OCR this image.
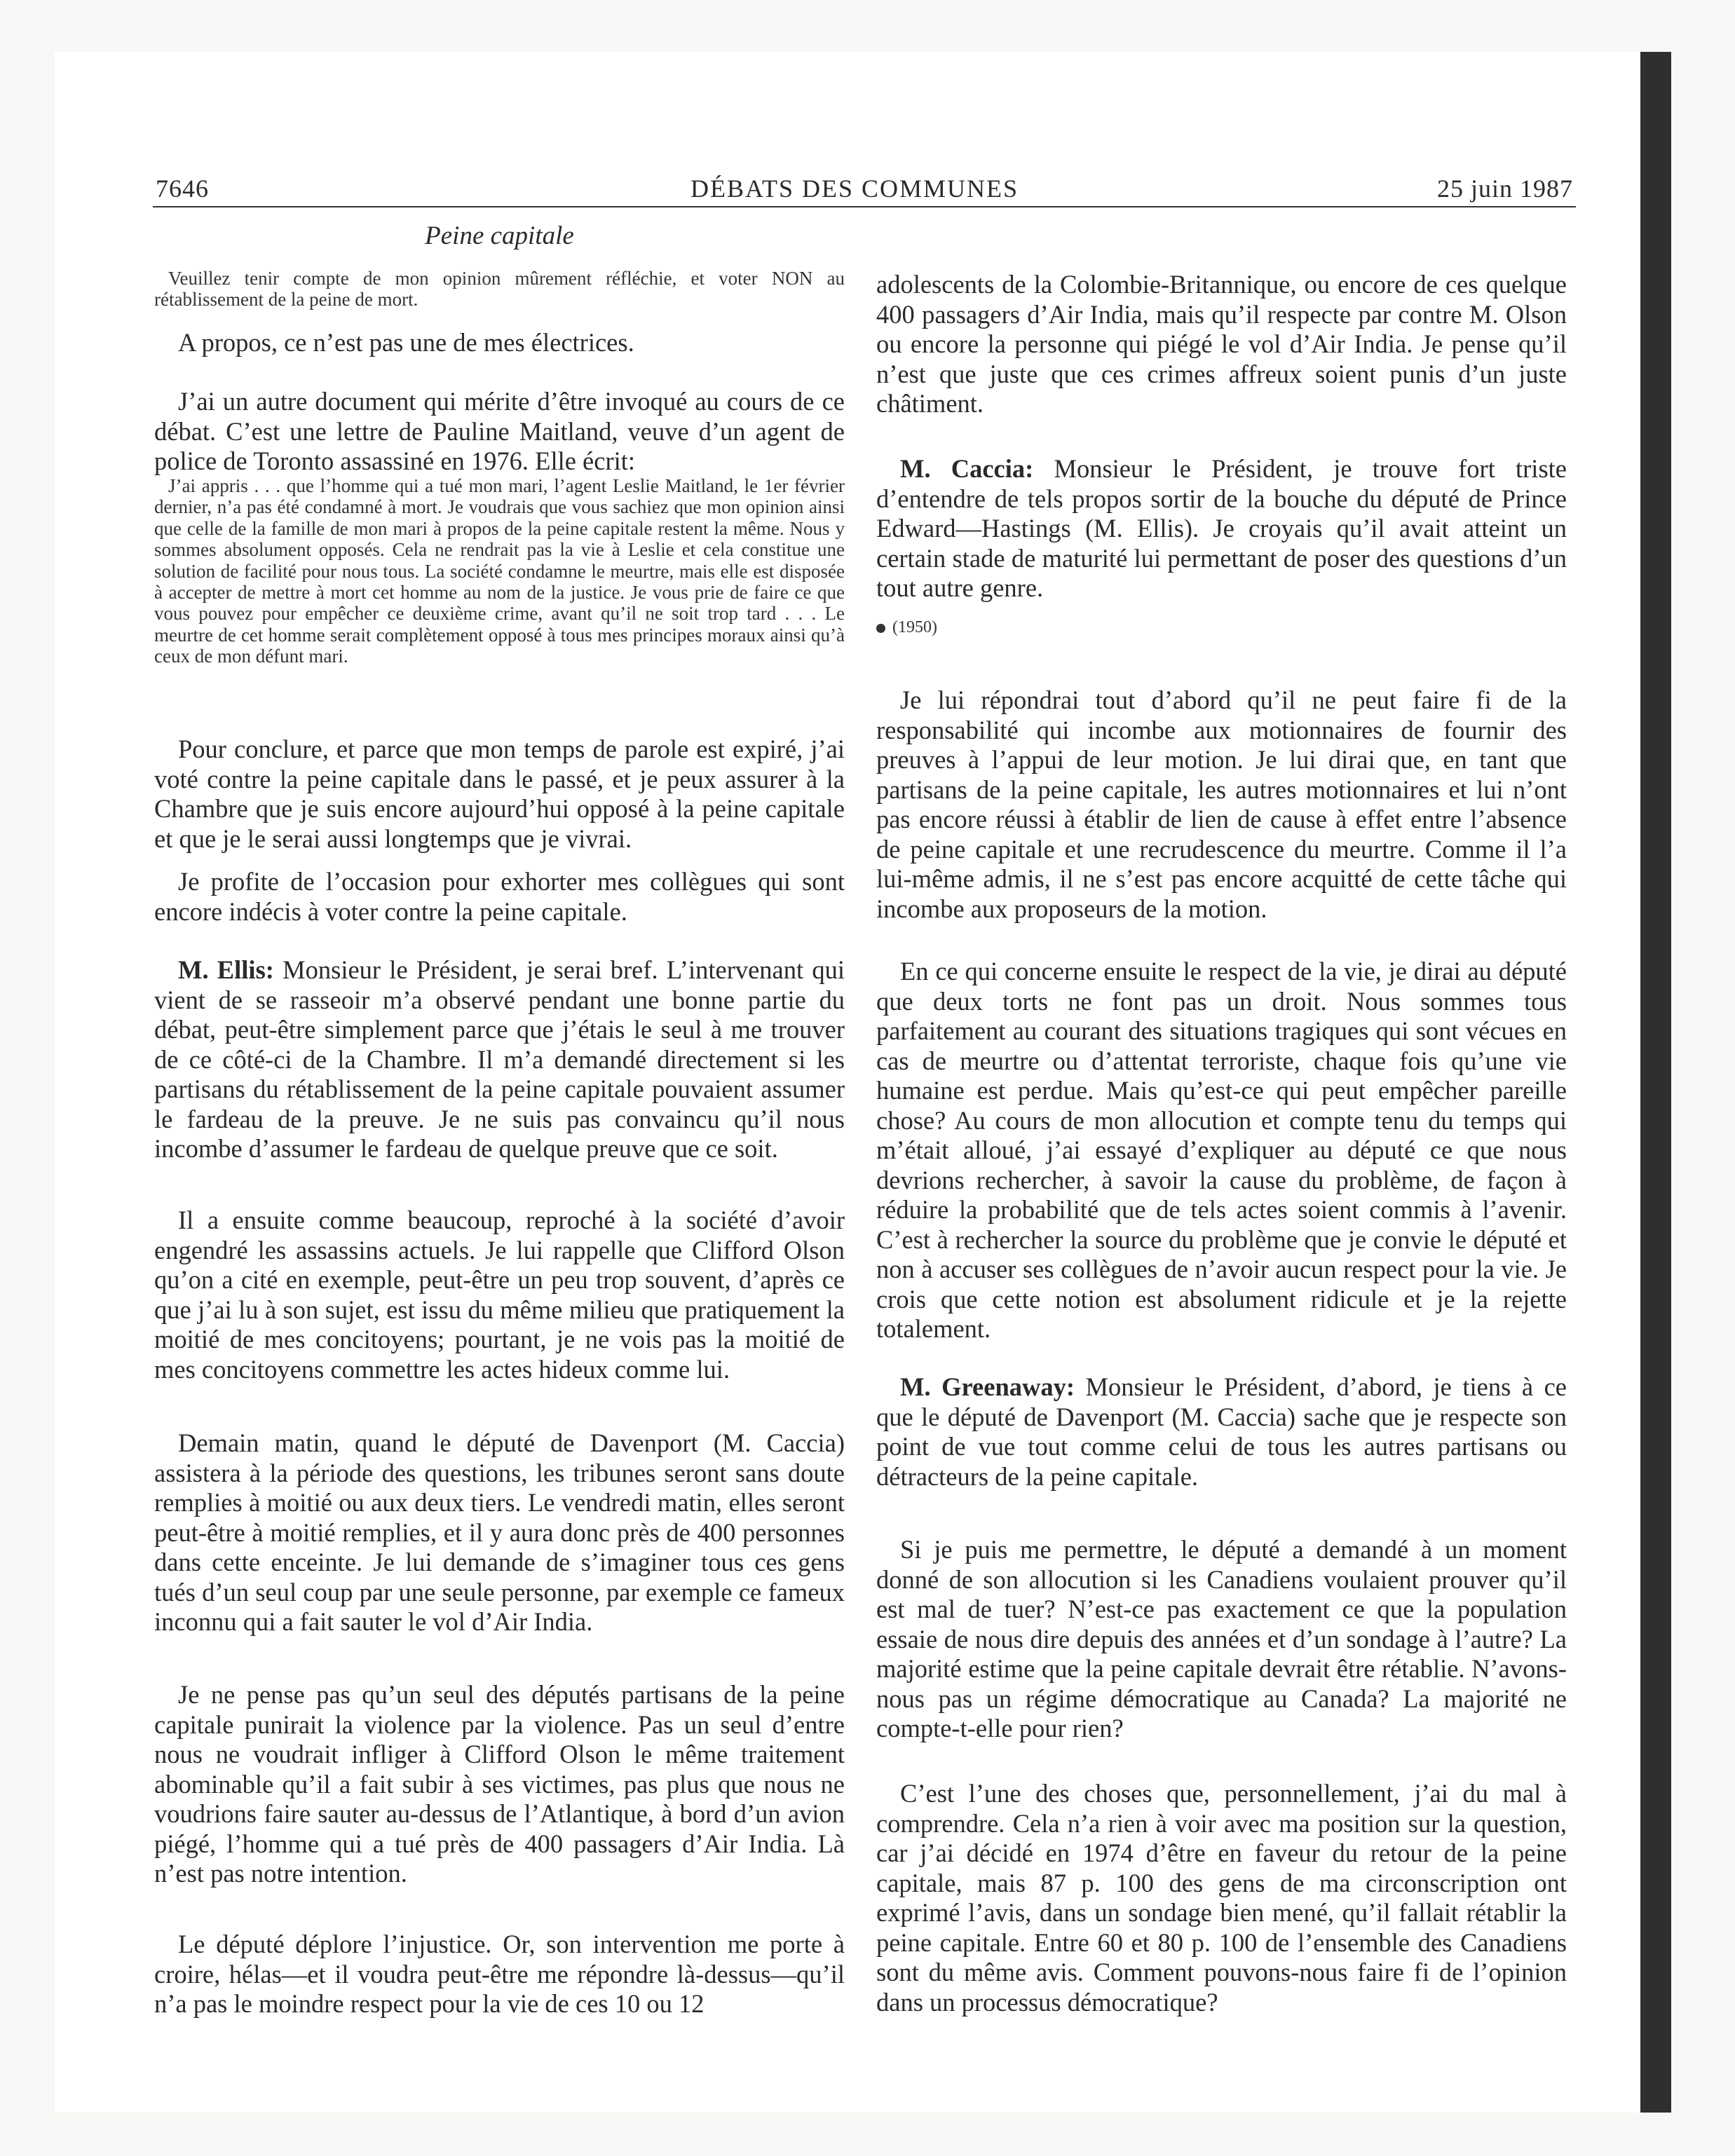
7646	DÉBATS DES COMMUNES	25 juin 1987
Peine capitale

Veuillez tenir compte de mon opinion mûrement réfléchie, et voter NON au rétablissement de la peine de mort.

A propos, ce n’est pas une de mes électrices.

J’ai un autre document qui mérite d’être invoqué au cours de ce débat. C’est une lettre de Pauline Maitland, veuve d’un agent de police de Toronto assassiné en 1976. Elle écrit:

J’ai appris . . . que l’homme qui a tué mon mari, l’agent Leslie Maitland, le 1er février dernier, n’a pas été condamné à mort. Je voudrais que vous sachiez que mon opinion ainsi que celle de la famille de mon mari à propos de la peine capitale restent la même. Nous y sommes absolument opposés. Cela ne rendrait pas la vie à Leslie et cela constitue une solution de facilité pour nous tous. La société condamne le meurtre, mais elle est disposée à accepter de mettre à mort cet homme au nom de la justice. Je vous prie de faire ce que vous pouvez pour empêcher ce deuxième crime, avant qu’il ne soit trop tard . . . Le meurtre de cet homme serait complètement opposé à tous mes principes moraux ainsi qu’à ceux de mon défunt mari.

Pour conclure, et parce que mon temps de parole est expiré, j’ai voté contre la peine capitale dans le passé, et je peux assurer à la Chambre que je suis encore aujourd’hui opposé à la peine capitale et que je le serai aussi longtemps que je vivrai.

Je profite de l’occasion pour exhorter mes collègues qui sont encore indécis à voter contre la peine capitale.

M. Ellis: Monsieur le Président, je serai bref. L’intervenant qui vient de se rasseoir m’a observé pendant une bonne partie du débat, peut-être simplement parce que j’étais le seul à me trouver de ce côté-ci de la Chambre. Il m’a demandé directement si les partisans du rétablissement de la peine capitale pouvaient assumer le fardeau de la preuve. Je ne suis pas convaincu qu’il nous incombe d’assumer le fardeau de quelque preuve que ce soit.

Il a ensuite comme beaucoup, reproché à la société d’avoir engendré les assassins actuels. Je lui rappelle que Clifford Olson qu’on a cité en exemple, peut-être un peu trop souvent, d’après ce que j’ai lu à son sujet, est issu du même milieu que pratiquement la moitié de mes concitoyens; pourtant, je ne vois pas la moitié de mes concitoyens commettre les actes hideux comme lui.

Demain matin, quand le député de Davenport (M. Caccia) assistera à la période des questions, les tribunes seront sans doute remplies à moitié ou aux deux tiers. Le vendredi matin, elles seront peut-être à moitié remplies, et il y aura donc près de 400 personnes dans cette enceinte. Je lui demande de s’imaginer tous ces gens tués d’un seul coup par une seule personne, par exemple ce fameux inconnu qui a fait sauter le vol d’Air India.

Je ne pense pas qu’un seul des députés partisans de la peine capitale punirait la violence par la violence. Pas un seul d’entre nous ne voudrait infliger à Clifford Olson le même traitement abominable qu’il a fait subir à ses victimes, pas plus que nous ne voudrions faire sauter au-dessus de l’Atlantique, à bord d’un avion piégé, l’homme qui a tué près de 400 passagers d’Air India. Là n’est pas notre intention.

Le député déplore l’injustice. Or, son intervention me porte à croire, hélas—et il voudra peut-être me répondre là-dessus—qu’il n’a pas le moindre respect pour la vie de ces 10 ou 12

adolescents de la Colombie-Britannique, ou encore de ces quelque 400 passagers d’Air India, mais qu’il respecte par contre M. Olson ou encore la personne qui piégé le vol d’Air India. Je pense qu’il n’est que juste que ces crimes affreux soient punis d’un juste châtiment.

M. Caccia: Monsieur le Président, je trouve fort triste d’entendre de tels propos sortir de la bouche du député de Prince Edward—Hastings (M. Ellis). Je croyais qu’il avait atteint un certain stade de maturité lui permettant de poser des questions d’un tout autre genre.

(1950)

Je lui répondrai tout d’abord qu’il ne peut faire fi de la responsabilité qui incombe aux motionnaires de fournir des preuves à l’appui de leur motion. Je lui dirai que, en tant que partisans de la peine capitale, les autres motionnaires et lui n’ont pas encore réussi à établir de lien de cause à effet entre l’absence de peine capitale et une recrudescence du meurtre. Comme il l’a lui-même admis, il ne s’est pas encore acquitté de cette tâche qui incombe aux proposeurs de la motion.

En ce qui concerne ensuite le respect de la vie, je dirai au député que deux torts ne font pas un droit. Nous sommes tous parfaitement au courant des situations tragiques qui sont vécues en cas de meurtre ou d’attentat terroriste, chaque fois qu’une vie humaine est perdue. Mais qu’est-ce qui peut empêcher pareille chose? Au cours de mon allocution et compte tenu du temps qui m’était alloué, j’ai essayé d’expliquer au député ce que nous devrions rechercher, à savoir la cause du problème, de façon à réduire la probabilité que de tels actes soient commis à l’avenir. C’est à rechercher la source du problème que je convie le député et non à accuser ses collègues de n’avoir aucun respect pour la vie. Je crois que cette notion est absolument ridicule et je la rejette totalement.

M. Greenaway: Monsieur le Président, d’abord, je tiens à ce que le député de Davenport (M. Caccia) sache que je respecte son point de vue tout comme celui de tous les autres partisans ou détracteurs de la peine capitale.

Si je puis me permettre, le député a demandé à un moment donné de son allocution si les Canadiens voulaient prouver qu’il est mal de tuer? N’est-ce pas exactement ce que la population essaie de nous dire depuis des années et d’un sondage à l’autre? La majorité estime que la peine capitale devrait être rétablie. N’avons-nous pas un régime démocratique au Canada? La majorité ne compte-t-elle pour rien?

C’est l’une des choses que, personnellement, j’ai du mal à comprendre. Cela n’a rien à voir avec ma position sur la question, car j’ai décidé en 1974 d’être en faveur du retour de la peine capitale, mais 87 p. 100 des gens de ma circonscription ont exprimé l’avis, dans un sondage bien mené, qu’il fallait rétablir la peine capitale. Entre 60 et 80 p. 100 de l’ensemble des Canadiens sont du même avis. Comment pouvons-nous faire fi de l’opinion dans un processus démocratique?
